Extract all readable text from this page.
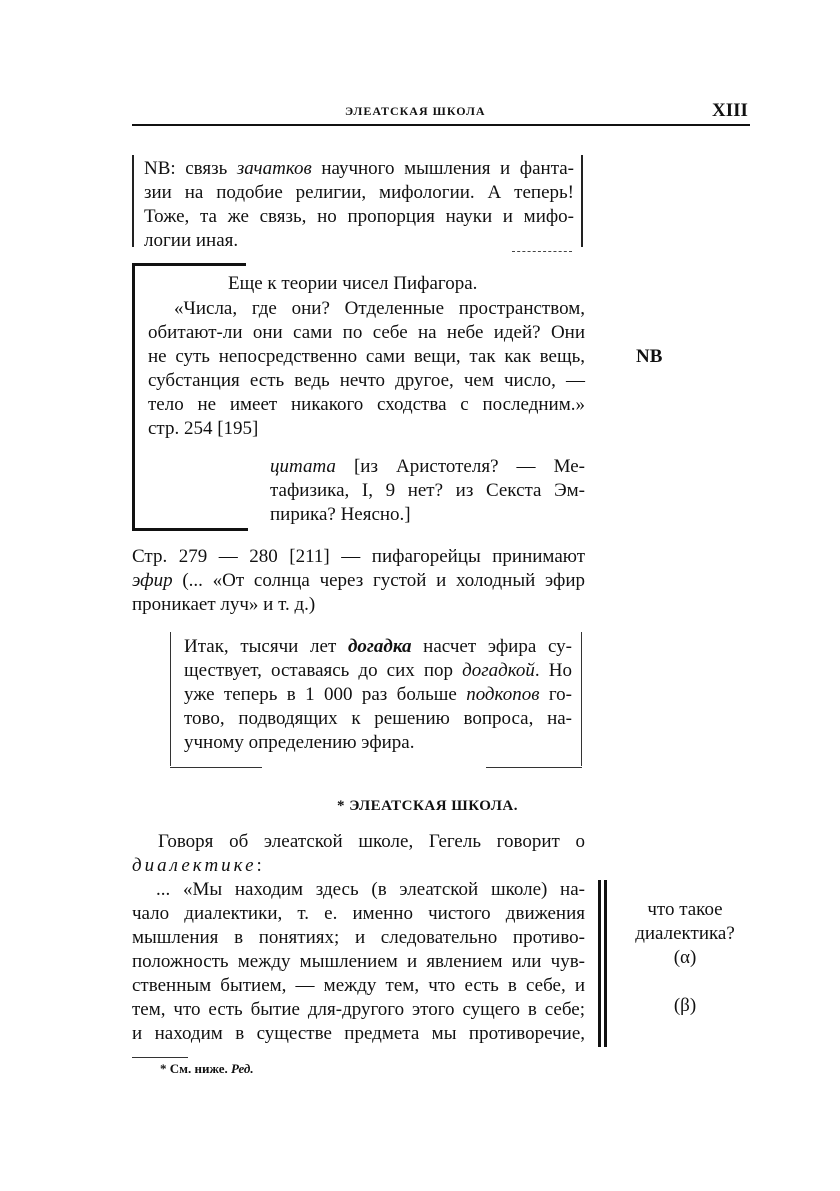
ЭЛЕАТСКАЯ ШКОЛА	XIII
NB: связь зачатков научного мышления и фанта-
зии на подобие религии, мифологии. А теперь!
Тоже, та же связь, но пропорция науки и мифо-
логии иная.
Еще к теории чисел Пифагора.
«Числа, где они? Отделенные пространством,
обитают-ли они сами по себе на небе идей? Они
не суть непосредственно сами вещи, так как вещь,
субстанция есть ведь нечто другое, чем число, —
тело не имеет никакого сходства с последним.»
стр. 254 [195]
цитата [из Аристотеля? — Ме-
тафизика, I, 9 нет? из Секста Эм-
пирика? Неясно.]
NB
Стр. 279 — 280 [211] — пифагорейцы принимают
эфир (... «От солнца через густой и холодный эфир
проникает луч» и т. д.)
Итак, тысячи лет догадка насчет эфира су-
ществует, оставаясь до сих пор догадкой. Но
уже теперь в 1 000 раз больше подкопов го-
тово, подводящих к решению вопроса, на-
учному определению эфира.
* ЭЛЕАТСКАЯ ШКОЛА.
Говоря об элеатской школе, Гегель говорит о
диалектике:
... «Мы находим здесь (в элеатской школе) на-
чало диалектики, т. е. именно чистого движения
мышления в понятиях; и следовательно противо-
положность между мышлением и явлением или чув-
ственным бытием, — между тем, что есть в себе, и
тем, что есть бытие для-другого этого сущего в себе;
и находим в существе предмета мы противоречие,
что такое
диалектика?
(α)
(β)
* См. ниже. Ред.
